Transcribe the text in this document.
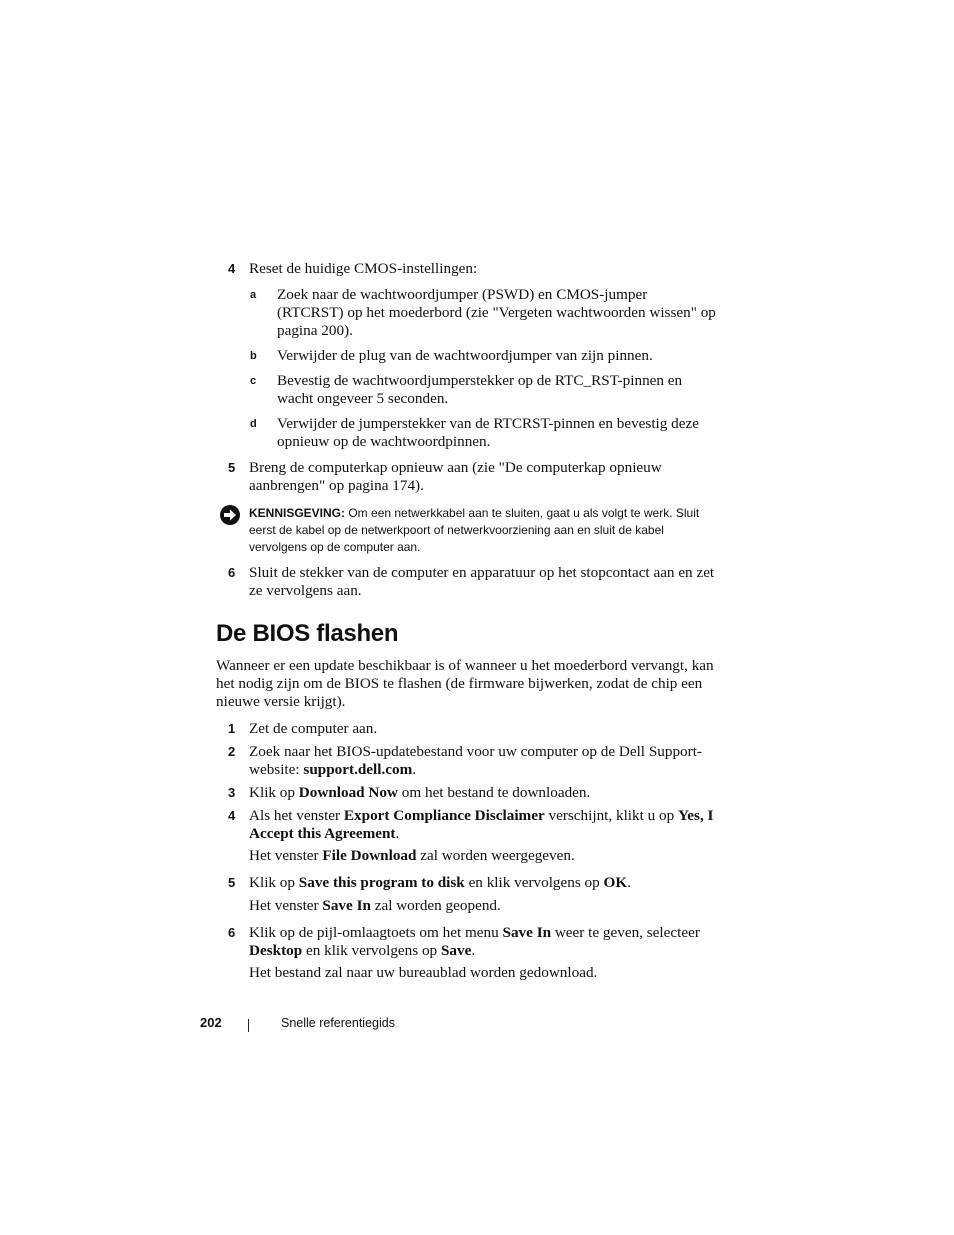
4 Reset de huidige CMOS-instellingen:

a Zoek naar de wachtwoordjumper (PSWD) en CMOS-jumper (RTCRST) op het moederbord (zie "Vergeten wachtwoorden wissen" op pagina 200).

b Verwijder de plug van de wachtwoordjumper van zijn pinnen.

c Bevestig de wachtwoordjumperstekker op de RTC_RST-pinnen en wacht ongeveer 5 seconden.

d Verwijder de jumperstekker van de RTCRST-pinnen en bevestig deze opnieuw op de wachtwoordpinnen.

5 Breng de computerkap opnieuw aan (zie "De computerkap opnieuw aanbrengen" op pagina 174).

KENNISGEVING: Om een netwerkkabel aan te sluiten, gaat u als volgt te werk. Sluit eerst de kabel op de netwerkpoort of netwerkvoorziening aan en sluit de kabel vervolgens op de computer aan.

6 Sluit de stekker van de computer en apparatuur op het stopcontact aan en zet ze vervolgens aan.

De BIOS flashen

Wanneer er een update beschikbaar is of wanneer u het moederbord vervangt, kan het nodig zijn om de BIOS te flashen (de firmware bijwerken, zodat de chip een nieuwe versie krijgt).

1 Zet de computer aan.

2 Zoek naar het BIOS-updatebestand voor uw computer op de Dell Support-website: support.dell.com.

3 Klik op Download Now om het bestand te downloaden.

4 Als het venster Export Compliance Disclaimer verschijnt, klikt u op Yes, I Accept this Agreement.

Het venster File Download zal worden weergegeven.

5 Klik op Save this program to disk en klik vervolgens op OK.

Het venster Save In zal worden geopend.

6 Klik op de pijl-omlaagtoets om het menu Save In weer te geven, selecteer Desktop en klik vervolgens op Save.

Het bestand zal naar uw bureaublad worden gedownload.

202	Snelle referentiegids
